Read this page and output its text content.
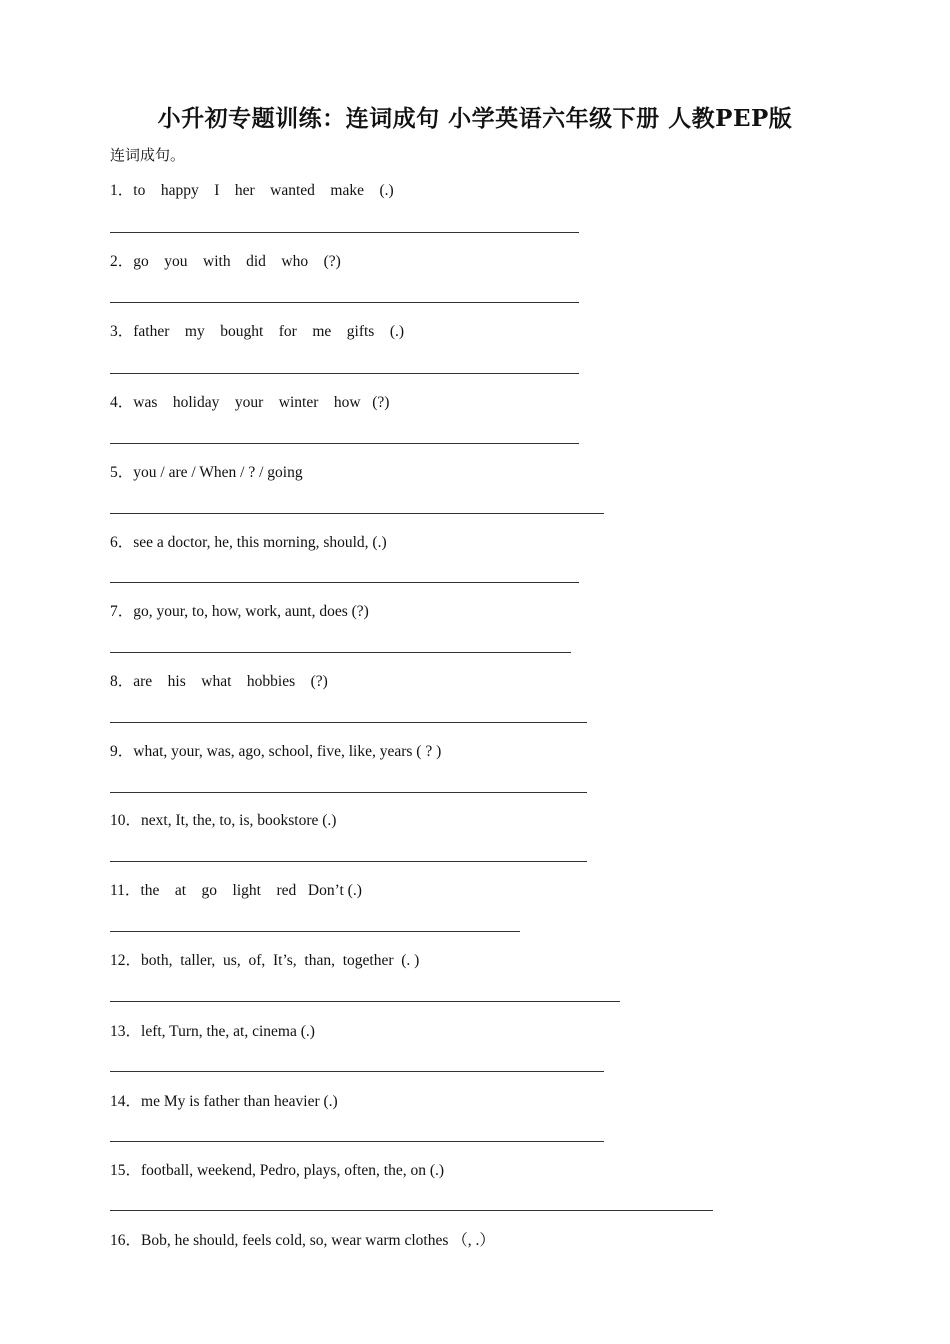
小升初专题训练：连词成句 小学英语六年级下册 人教PEP版
连词成句。
1．to    happy    I    her    wanted    make    (.)
2．go    you    with    did    who    (?)
3．father    my    bought    for    me    gifts    (.)
4．was    holiday    your    winter    how   (?)
5．you / are / When / ? / going
6．see a doctor, he, this morning, should, (.)
7．go, your, to, how, work, aunt, does (?)
8．are    his    what    hobbies    (?)
9．what, your, was, ago, school, five, like, years ( ? )
10．next, It, the, to, is, bookstore (.)
11．the    at    go    light    red   Don’t (.)
12．both,  taller,  us,  of,  It’s,  than,  together  (. )
13．left, Turn, the, at, cinema (.)
14．me My is father than heavier (.)
15．football, weekend, Pedro, plays, often, the, on (.)
16．Bob, he should, feels cold, so, wear warm clothes （, .）
